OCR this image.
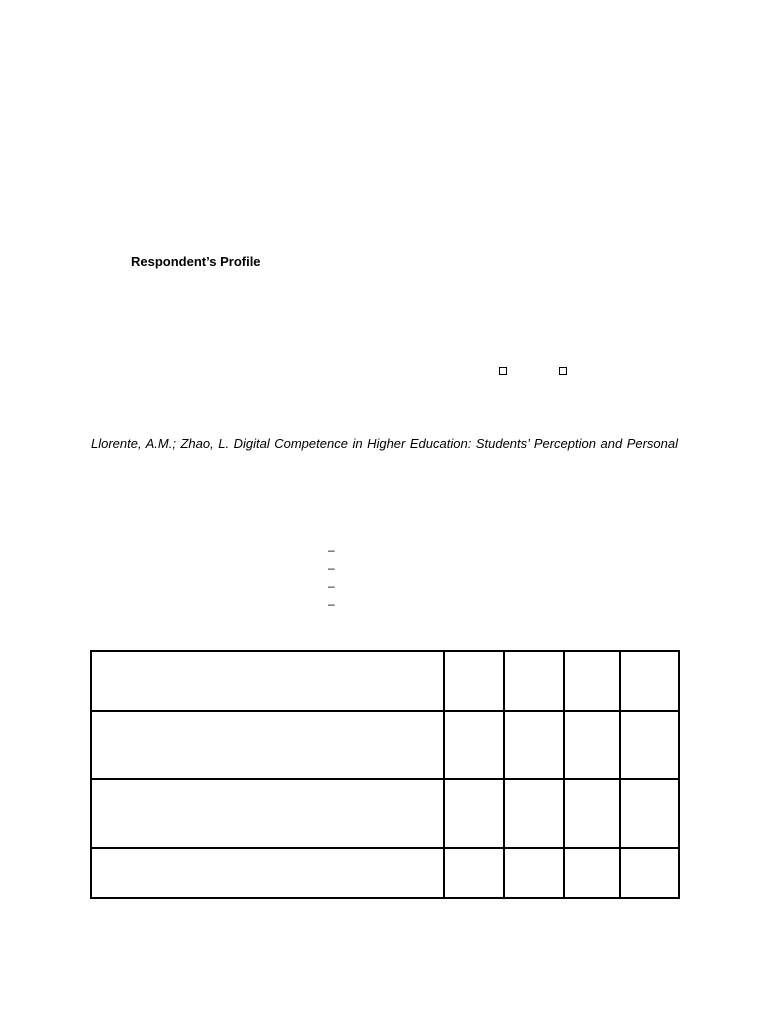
Respondent’s Profile
Llorente, A.M.; Zhao, L. Digital Competence in Higher Education: Students’ Perception and Personal
–
–
–
–
